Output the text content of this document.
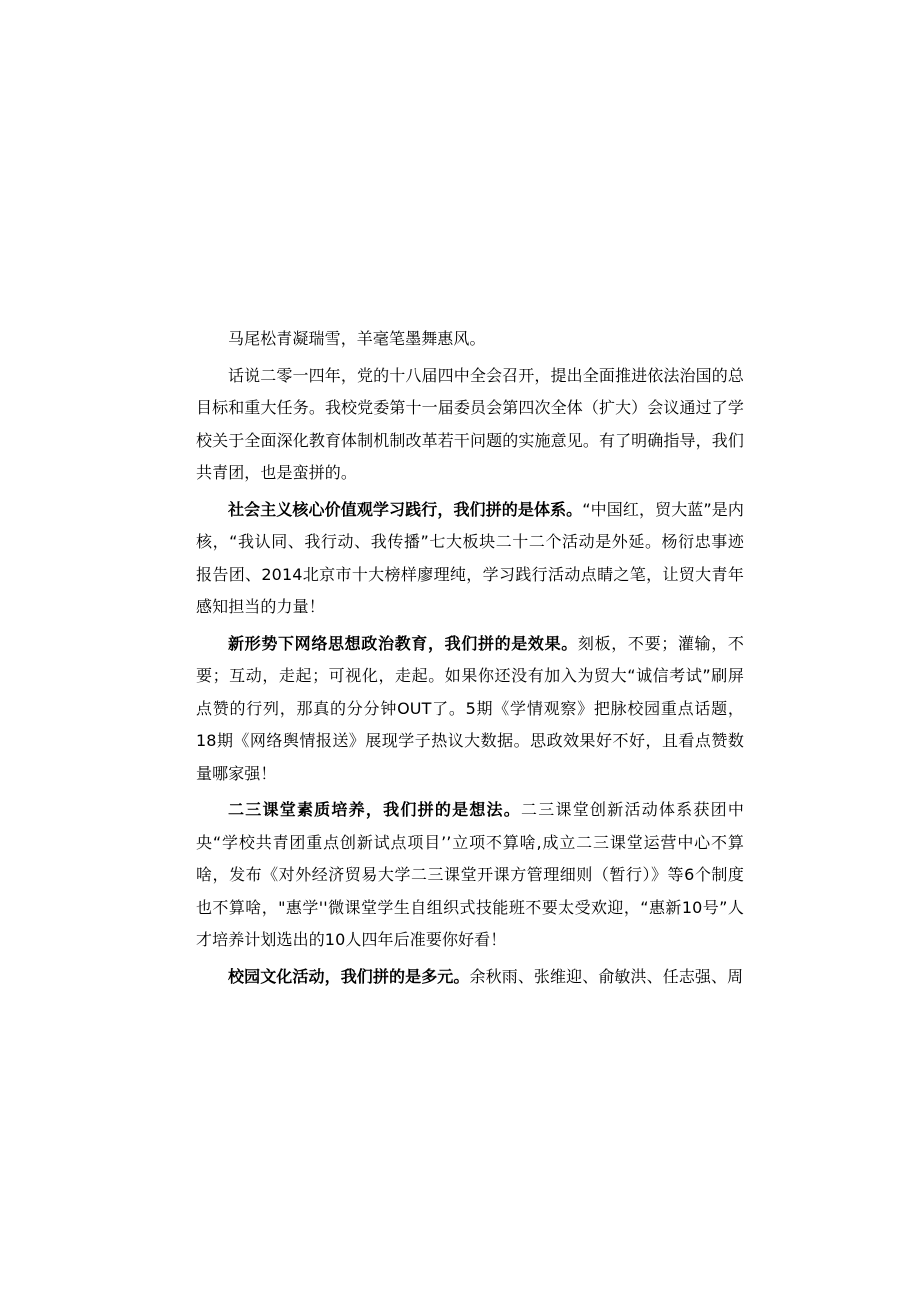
马尾松青凝瑞雪，羊毫笔墨舞惠风。

话说二零一四年，党的十八届四中全会召开，提出全面推进依法治国的总目标和重大任务。我校党委第十一届委员会第四次全体（扩大）会议通过了学校关于全面深化教育体制机制改革若干问题的实施意见。有了明确指导，我们共青团，也是蛮拼的。

社会主义核心价值观学习践行，我们拼的是体系。“中国红，贸大蓝”是内核，“我认同、我行动、我传播”七大板块二十二个活动是外延。杨衍忠事迹报告团、2014北京市十大榜样廖理纯，学习践行活动点睛之笔，让贸大青年感知担当的力量！

新形势下网络思想政治教育，我们拼的是效果。刻板，不要；灌输，不要；互动，走起；可视化，走起。如果你还没有加入为贸大“诚信考试”刷屏点赞的行列，那真的分分钟OUT了。5期《学情观察》把脉校园重点话题，18期《网络舆情报送》展现学子热议大数据。思政效果好不好，且看点赞数量哪家强！

二三课堂素质培养，我们拼的是想法。二三课堂创新活动体系获团中央“学校共青团重点创新试点项目’’立项不算啥,成立二三课堂运营中心不算啥，发布《对外经济贸易大学二三课堂开课方管理细则（暂行）》等6个制度也不算啥，"惠学''微课堂学生自组织式技能班不要太受欢迎，“惠新10号”人才培养计划选出的10人四年后准要你好看！

校园文化活动，我们拼的是多元。余秋雨、张维迎、俞敏洪、任志强、周
